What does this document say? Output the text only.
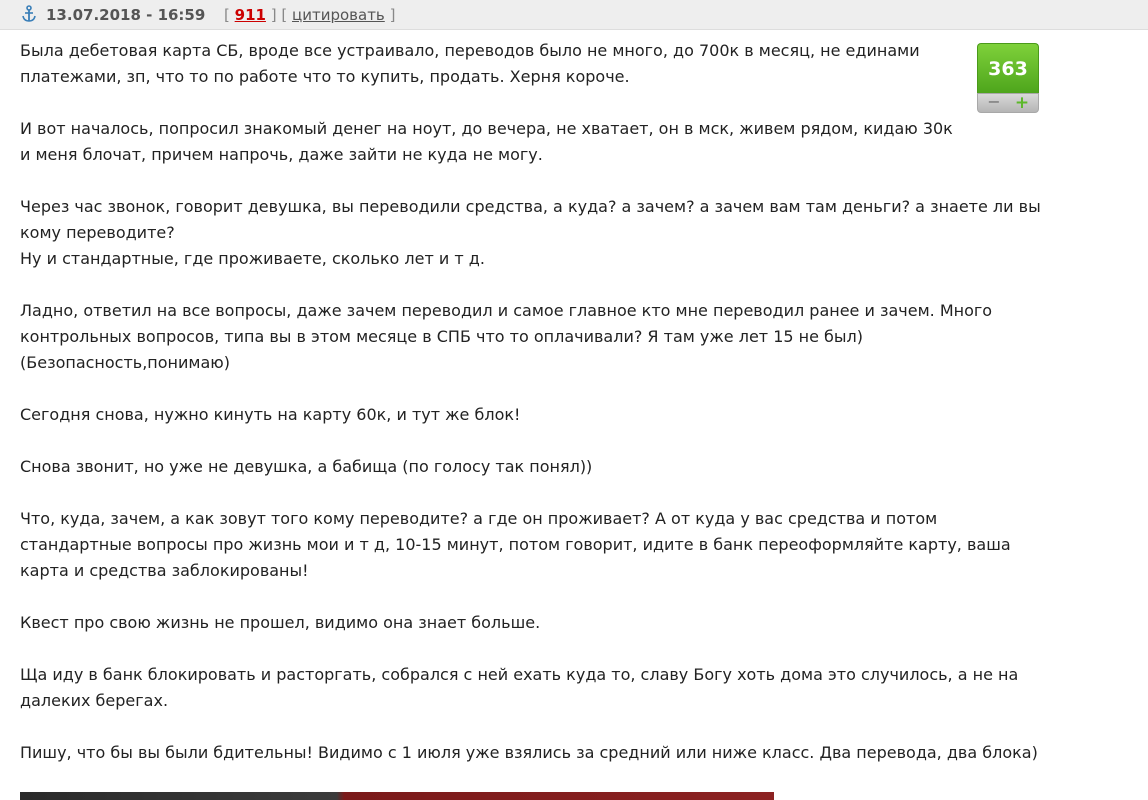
13.07.2018 - 16:59 [ 911 ] [ цитировать ]
363
− +

Была дебетовая карта СБ, вроде все устраивало, переводов было не много, до 700к в месяц, не единами
платежами, зп, что то по работе что то купить, продать. Херня короче.

И вот началось, попросил знакомый денег на ноут, до вечера, не хватает, он в мск, живем рядом, кидаю 30к
и меня блочат, причем напрочь, даже зайти не куда не могу.

Через час звонок, говорит девушка, вы переводили средства, а куда? а зачем? а зачем вам там деньги? а знаете ли вы
кому переводите?
Ну и стандартные, где проживаете, сколько лет и т д.

Ладно, ответил на все вопросы, даже зачем переводил и самое главное кто мне переводил ранее и зачем. Много
контрольных вопросов, типа вы в этом месяце в СПБ что то оплачивали? Я там уже лет 15 не был)
(Безопасность,понимаю)

Сегодня снова, нужно кинуть на карту 60к, и тут же блок!

Снова звонит, но уже не девушка, а бабища (по голосу так понял))

Что, куда, зачем, а как зовут того кому переводите? а где он проживает? А от куда у вас средства и потом
стандартные вопросы про жизнь мои и т д, 10-15 минут, потом говорит, идите в банк переоформляйте карту, ваша
карта и средства заблокированы!

Квест про свою жизнь не прошел, видимо она знает больше.

Ща иду в банк блокировать и расторгать, собрался с ней ехать куда то, славу Богу хоть дома это случилось, а не на
далеких берегах.

Пишу, что бы вы были бдительны! Видимо с 1 июля уже взялись за средний или ниже класс. Два перевода, два блока)
